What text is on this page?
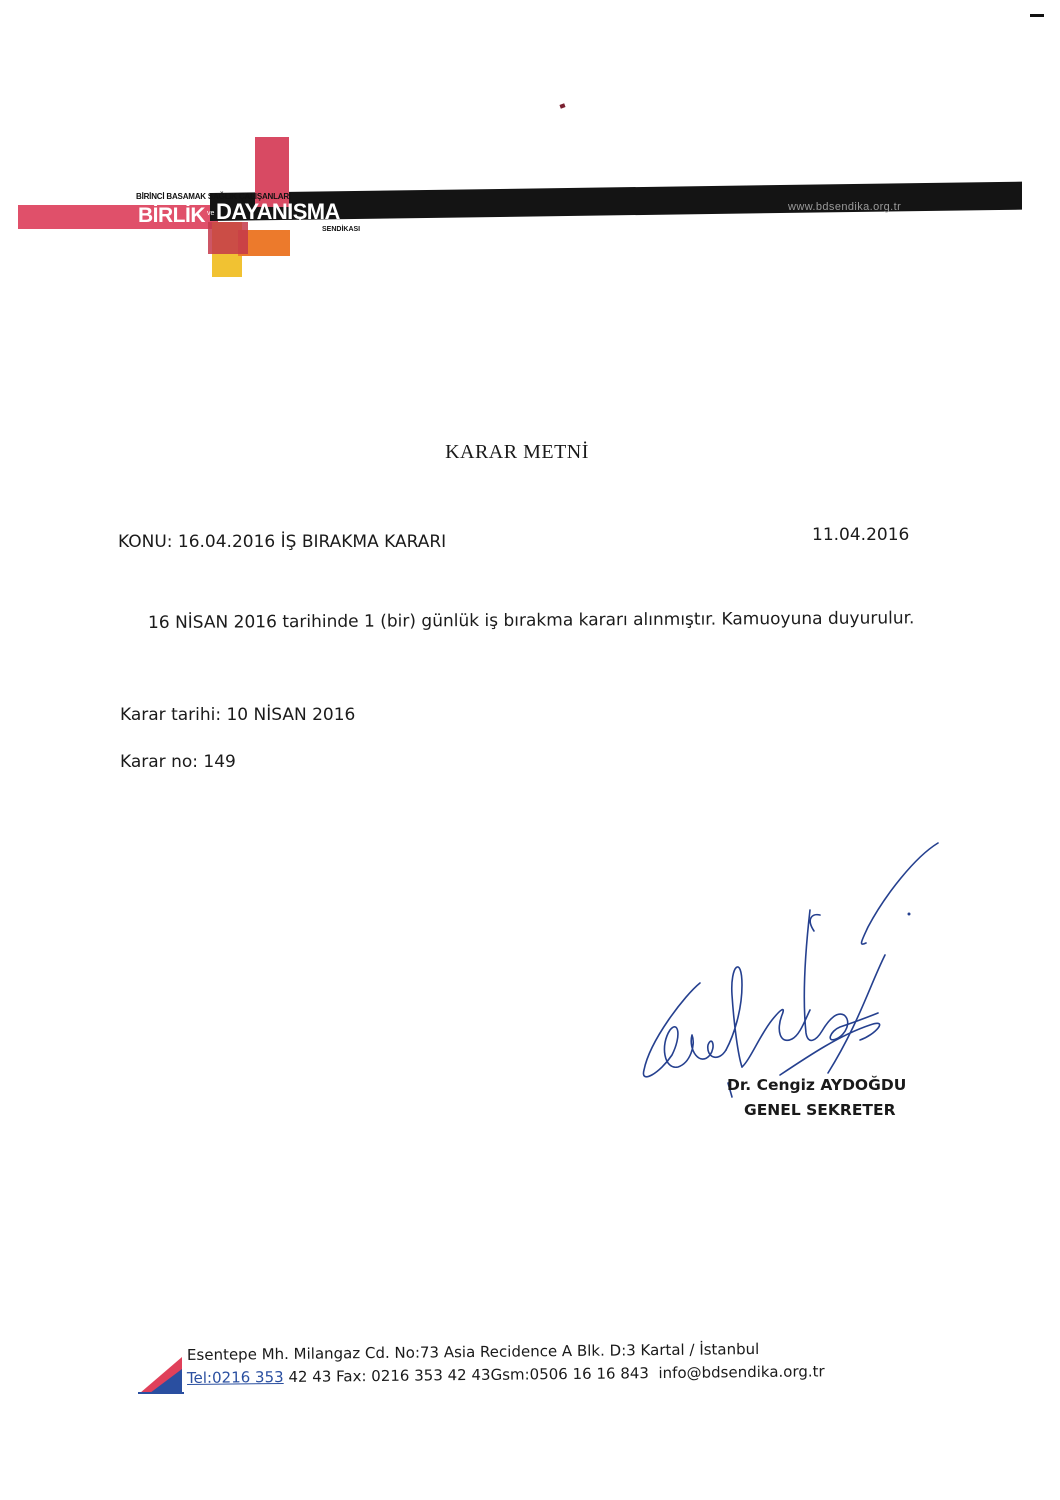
BİRİNCİ BASAMAK SAĞLIK ÇALIŞANLARI
BİRLİK ve DAYANIŞMA
SENDİKASI
www.bdsendika.org.tr
KARAR METNİ
KONU: 16.04.2016 İŞ BIRAKMA KARARI	11.04.2016
16 NİSAN 2016 tarihinde 1 (bir) günlük iş bırakma kararı alınmıştır. Kamuoyuna duyurulur.
Karar tarihi: 10 NİSAN 2016
Karar no: 149
Dr. Cengiz AYDOĞDU
GENEL SEKRETER
Esentepe Mh. Milangaz Cd. No:73 Asia Recidence A Blk. D:3 Kartal / İstanbul
Tel:0216 353 42 43 Fax: 0216 353 42 43Gsm:0506 16 16 843  info@bdsendika.org.tr
